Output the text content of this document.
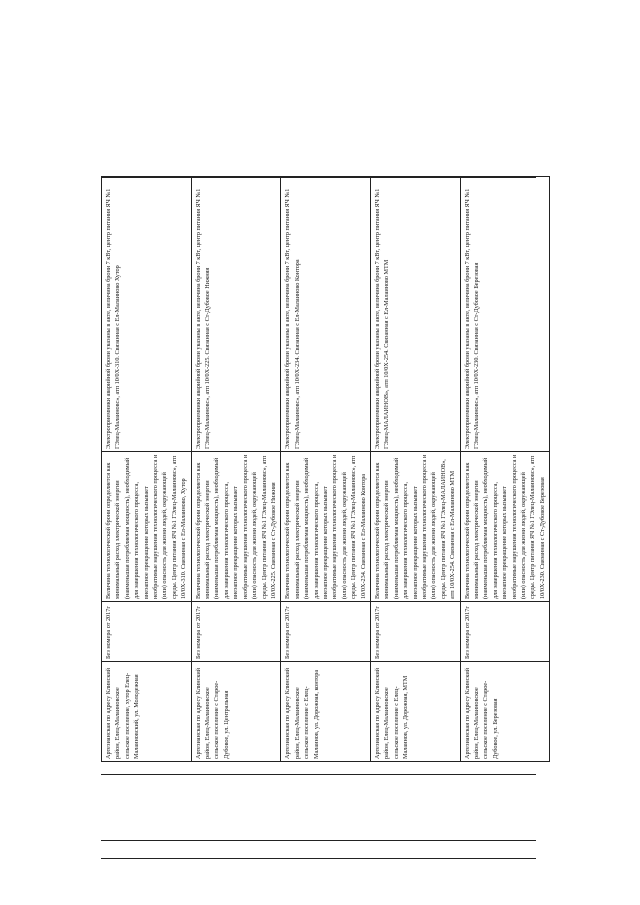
Артезианская по адресу Клинский район, Елец-Малаиновское сельское поселение, хутор Елец-Малаиновский, ул. Молодежная	Без номера от 2017г	Величина технологической брони определяется как минимальный расход электрической энергии (наименьшая потребляемая мощность), необходимый для завершения технологического процесса, внезапное прекращение которых вызывает необратимые нарушения технологического процесса и (или) опасность для жизни людей, окружающей среды. Центр питания ЯЧ №1 ГЭлец-Малаиновс», атп 10/0Х-310. Связанная с Ел-Малаиново, Хутор	Электроприемники аварийной брони указаны в акте, величина брони 7 кВт, центр питания ЯЧ №1 ГЭлец-Малаиновс», атп 10/0Х-310. Связанная с Ел-Малаиново Хутор
Артезианская по адресу Клинский район, Елец-Малаиновское сельское поселение с Старое-Дубовое, ул. Центральная	Без номера от 2017г	Величина технологической брони определяется как минимальный расход электрической энергии (наименьшая потребляемая мощность), необходимый для завершения технологического процесса, внезапное прекращение которых вызывает необратимые нарушения технологического процесса и (или) опасность для жизни людей, окружающей среды. Центр питания ЯЧ №1 ГЭлец-Малаиновс», атп 10/0Х-225. Связанная с Ст-Дубовое Нижняя	Электроприемники аварийной брони указаны в акте, величина брони 7 кВт, центр питания ЯЧ №1 ГЭлец-Малаиновс», атп 10/0Х-225. Связанная с Ст-Дубовое Нижняя
Артезианская по адресу Клинский район, Елец-Малаиновское сельское поселение с Елец-Малаинов, ул. Дорожная, контора	Без номера от 2017г	Величина технологической брони определяется как минимальный расход электрической энергии (наименьшая потребляемая мощность), необходимый для завершения технологического процесса, внезапное прекращение которых вызывает необратимые нарушения технологического процесса и (или) опасность для жизни людей, окружающей среды. Центр питания ЯЧ №1 ГЭлец-Малаиновс», атп 10/0Х-234. Связанная с Ел-Малаиново Контора	Электроприемники аварийной брони указаны в акте, величина брони 7 кВт, центр питания ЯЧ №1 ГЭлец-Малаиновс», атп 10/0Х-234. Связанная с Ел-Малаиново Контора
Артезианская по адресу Клинский район, Елец-Малаиновское сельское поселение с Елец-Малаинов, ул. Дорожная, МТМ	Без номера от 2017г	Величина технологической брони определяется как минимальный расход электрической энергии (наименьшая потребляемая мощность), необходимый для завершения технологического процесса, внезапное прекращение которых вызывает необратимые нарушения технологического процесса и (или) опасность для жизни людей, окружающей среды. Центр питания ЯЧ №1 ГЭлец-МАЛАИНОВ», атп 10/0Х-254. Связанная с Ел-Малаиново МТМ	Электроприемники аварийной брони указаны в акте, величина брони 7 кВт, центр питания ЯЧ №1 ГЭлец-МАЛАИНОВ», атп 10/0Х-254. Связанная с Ел-Малаиново МТМ
Артезианская по адресу Клинский район, Елец-Малаиновское сельское поселение с Старое-Дубовое, ул. Березовая	Без номера от 2017г	Величина технологической брони определяется как минимальный расход электрической энергии (наименьшая потребляемая мощность), необходимый для завершения технологического процесса, внезапное прекращение которых вызывает необратимые нарушения технологического процесса и (или) опасность для жизни людей, окружающей среды. Центр питания ЯЧ №1 ГЭлец-Малаиновс», атп 10/0Х-230. Связанная с Ст-Дубовое Березовая	Электроприемники аварийной брони указаны в акте, величина брони 7 кВт, центр питания ЯЧ №1 ГЭлец-Малаиновс», атп 10/0Х-230. Связанная с Ст-Дубовое Березовая
